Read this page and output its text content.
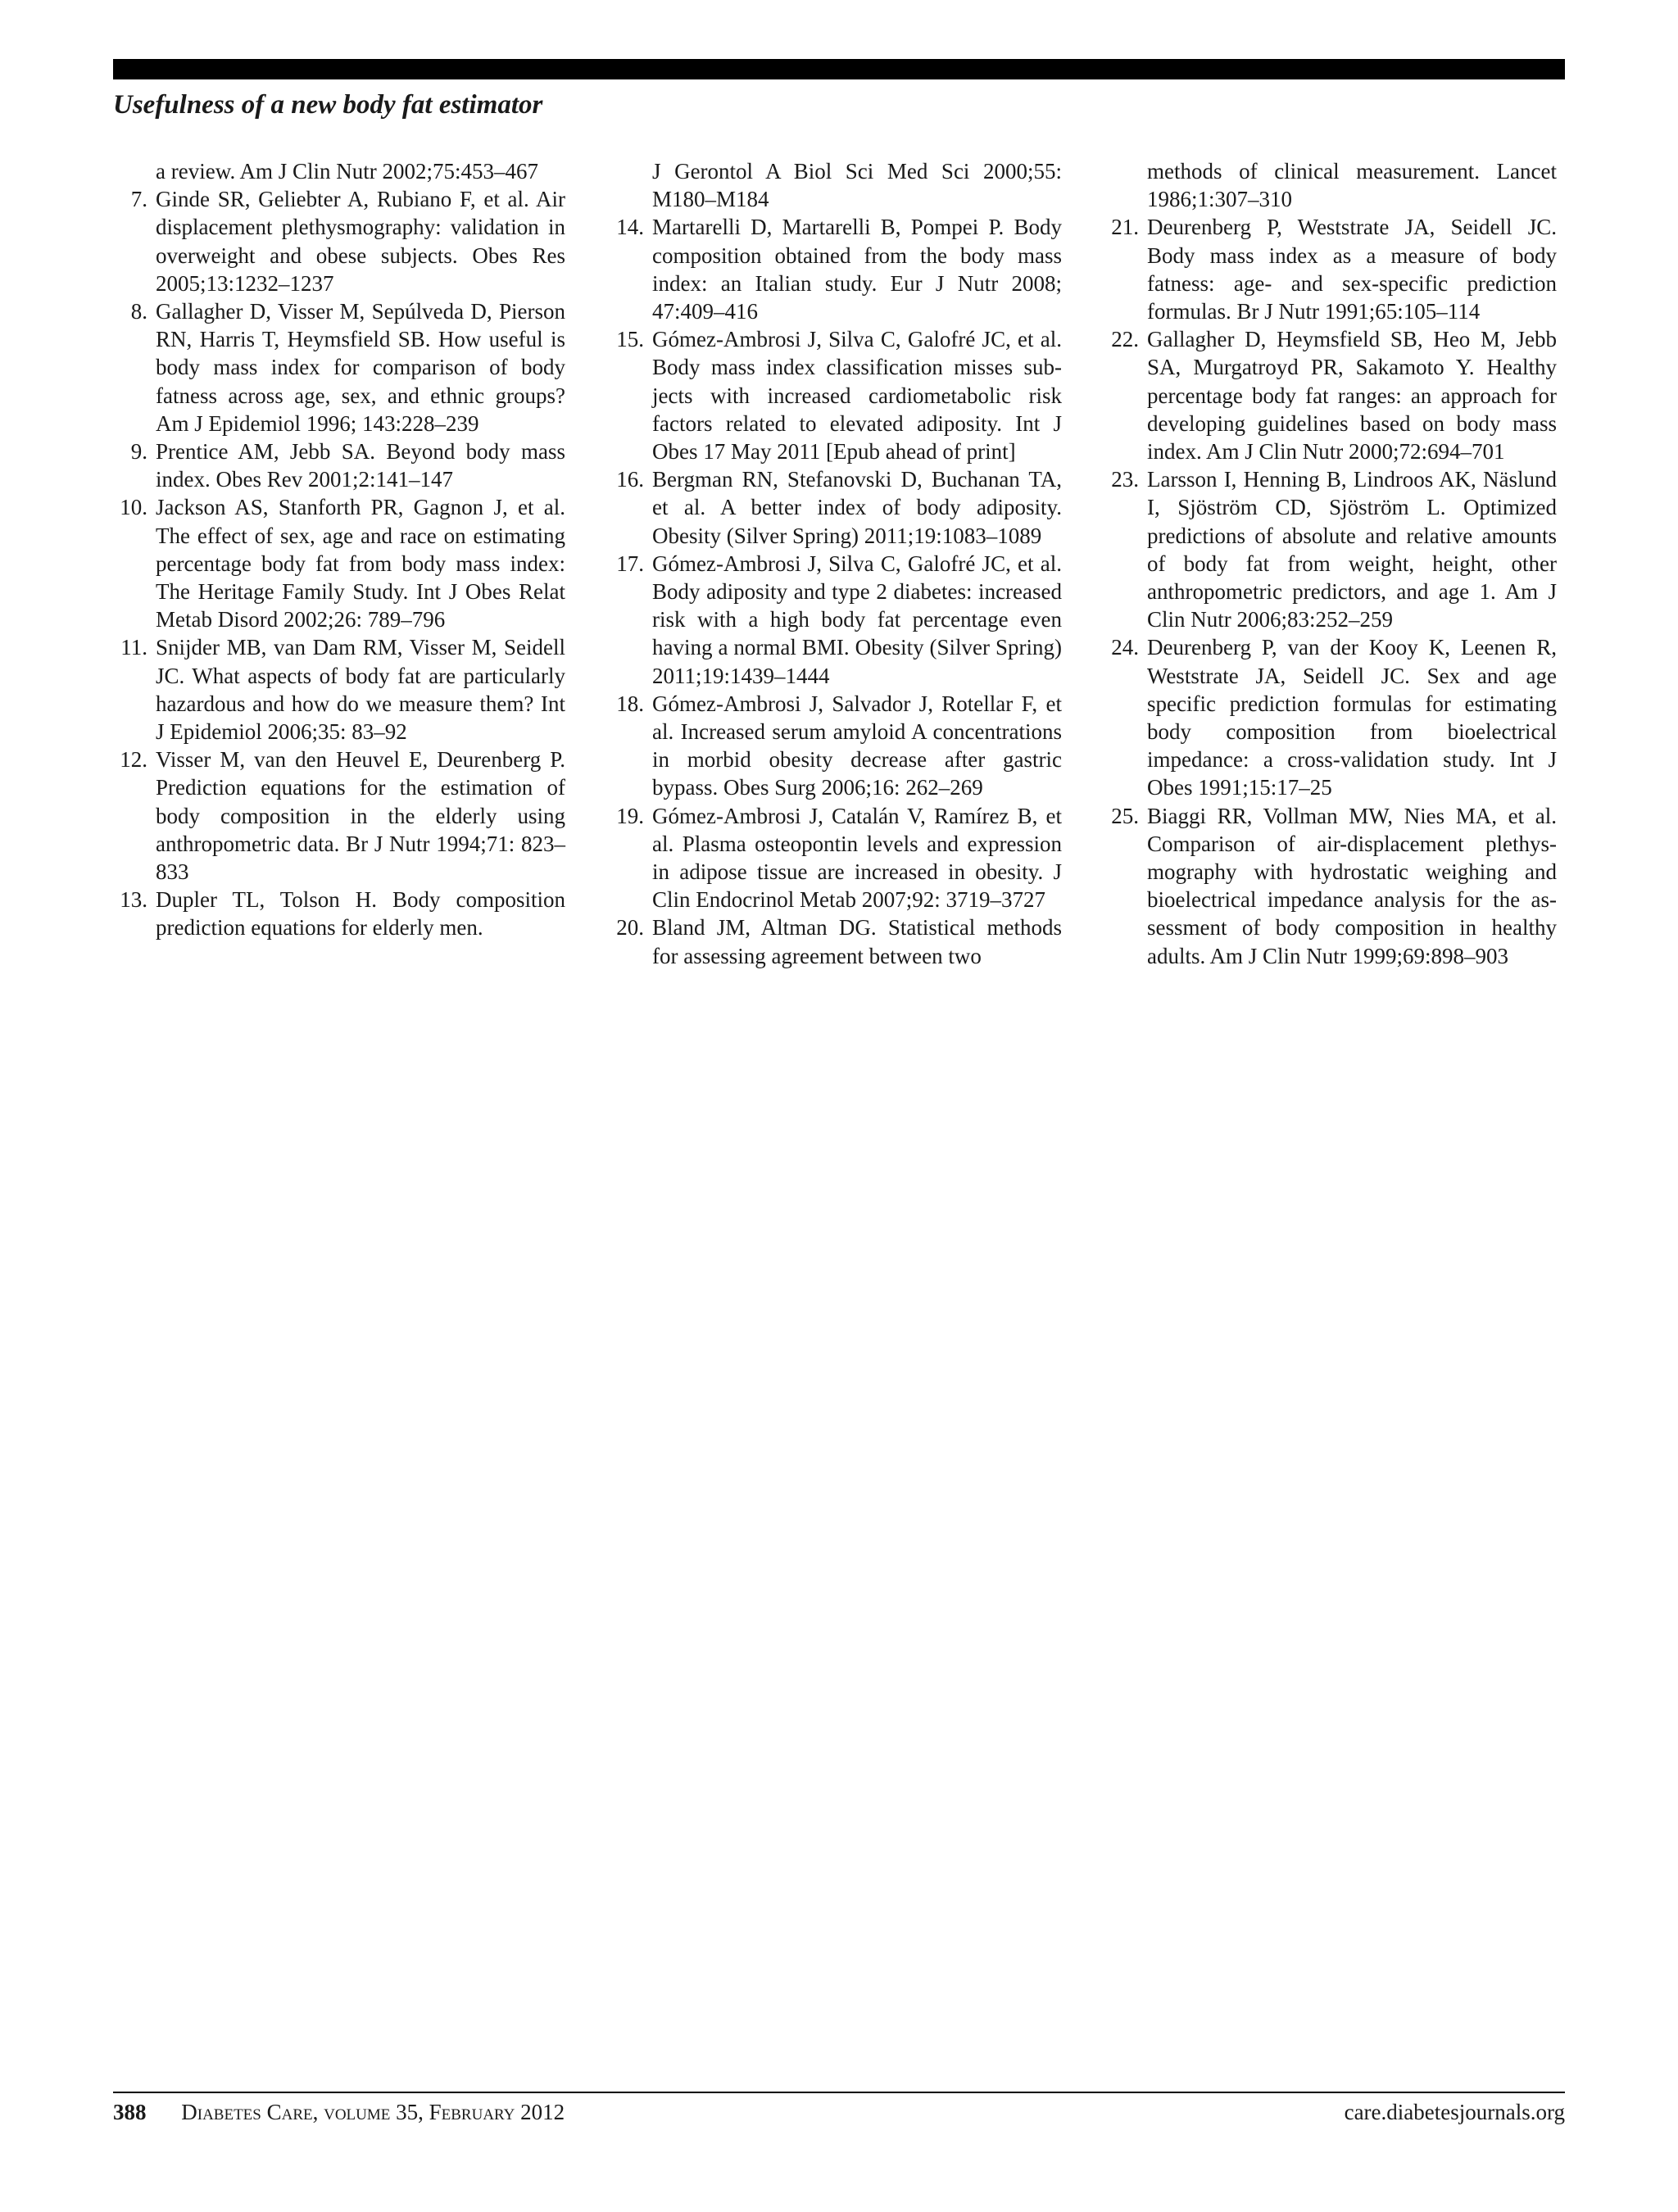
Usefulness of a new body fat estimator
a review. Am J Clin Nutr 2002;75:453–467
7. Ginde SR, Geliebter A, Rubiano F, et al. Air displacement plethysmography: validation in overweight and obese subjects. Obes Res 2005;13:1232–1237
8. Gallagher D, Visser M, Sepúlveda D, Pierson RN, Harris T, Heymsfield SB. How useful is body mass index for comparison of body fatness across age, sex, and ethnic groups? Am J Epidemiol 1996; 143:228–239
9. Prentice AM, Jebb SA. Beyond body mass index. Obes Rev 2001;2:141–147
10. Jackson AS, Stanforth PR, Gagnon J, et al. The effect of sex, age and race on estimating percentage body fat from body mass index: The Heritage Family Study. Int J Obes Relat Metab Disord 2002;26: 789–796
11. Snijder MB, van Dam RM, Visser M, Seidell JC. What aspects of body fat are particularly hazardous and how do we measure them? Int J Epidemiol 2006;35: 83–92
12. Visser M, van den Heuvel E, Deurenberg P. Prediction equations for the estimation of body composition in the elderly using anthropometric data. Br J Nutr 1994;71: 823–833
13. Dupler TL, Tolson H. Body composition prediction equations for elderly men.
J Gerontol A Biol Sci Med Sci 2000;55: M180–M184
14. Martarelli D, Martarelli B, Pompei P. Body composition obtained from the body mass index: an Italian study. Eur J Nutr 2008; 47:409–416
15. Gómez-Ambrosi J, Silva C, Galofré JC, et al. Body mass index classification misses subjects with increased cardiometabolic risk factors related to elevated adiposity. Int J Obes 17 May 2011 [Epub ahead of print]
16. Bergman RN, Stefanovski D, Buchanan TA, et al. A better index of body adiposity. Obesity (Silver Spring) 2011;19:1083–1089
17. Gómez-Ambrosi J, Silva C, Galofré JC, et al. Body adiposity and type 2 diabetes: increased risk with a high body fat percentage even having a normal BMI. Obesity (Silver Spring) 2011;19:1439–1444
18. Gómez-Ambrosi J, Salvador J, Rotellar F, et al. Increased serum amyloid A concentrations in morbid obesity decrease after gastric bypass. Obes Surg 2006;16: 262–269
19. Gómez-Ambrosi J, Catalán V, Ramírez B, et al. Plasma osteopontin levels and expression in adipose tissue are increased in obesity. J Clin Endocrinol Metab 2007;92: 3719–3727
20. Bland JM, Altman DG. Statistical methods for assessing agreement between two
methods of clinical measurement. Lancet 1986;1:307–310
21. Deurenberg P, Weststrate JA, Seidell JC. Body mass index as a measure of body fatness: age- and sex-specific prediction formulas. Br J Nutr 1991;65:105–114
22. Gallagher D, Heymsfield SB, Heo M, Jebb SA, Murgatroyd PR, Sakamoto Y. Healthy percentage body fat ranges: an approach for developing guidelines based on body mass index. Am J Clin Nutr 2000;72:694–701
23. Larsson I, Henning B, Lindroos AK, Näslund I, Sjöström CD, Sjöström L. Optimized predictions of absolute and relative amounts of body fat from weight, height, other anthropometric predictors, and age 1. Am J Clin Nutr 2006;83:252–259
24. Deurenberg P, van der Kooy K, Leenen R, Weststrate JA, Seidell JC. Sex and age specific prediction formulas for estimating body composition from bioelectrical impedance: a cross-validation study. Int J Obes 1991;15:17–25
25. Biaggi RR, Vollman MW, Nies MA, et al. Comparison of air-displacement plethysmography with hydrostatic weighing and bioelectrical impedance analysis for the assessment of body composition in healthy adults. Am J Clin Nutr 1999;69:898–903
388 Diabetes Care, volume 35, February 2012	care.diabetesjournals.org
